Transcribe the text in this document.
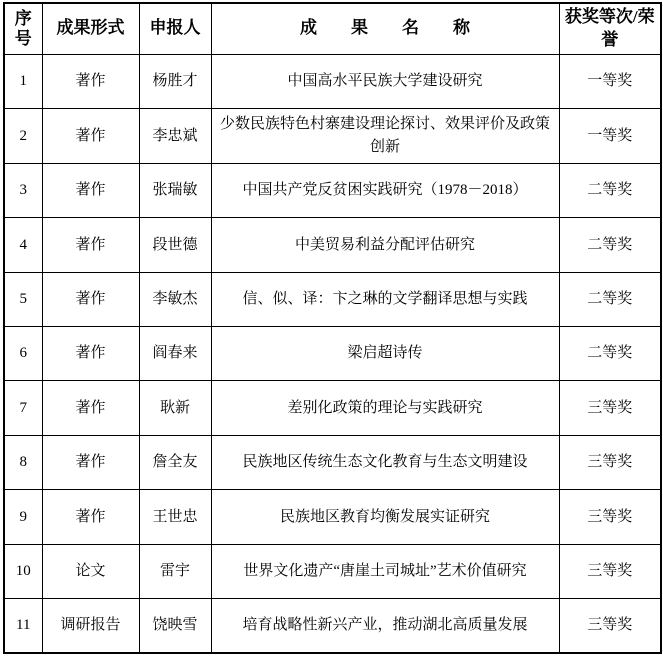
序号	成果形式	申报人	成　　果　　名　　称	获奖等次/荣誉
1	著作	杨胜才	中国高水平民族大学建设研究	一等奖
2	著作	李忠斌	少数民族特色村寨建设理论探讨、效果评价及政策创新	一等奖
3	著作	张瑞敏	中国共产党反贫困实践研究（1978－2018）	二等奖
4	著作	段世德	中美贸易利益分配评估研究	二等奖
5	著作	李敏杰	信、似、译：卞之琳的文学翻译思想与实践	二等奖
6	著作	阎春来	梁启超诗传	二等奖
7	著作	耿新	差别化政策的理论与实践研究	三等奖
8	著作	詹全友	民族地区传统生态文化教育与生态文明建设	三等奖
9	著作	王世忠	民族地区教育均衡发展实证研究	三等奖
10	论文	雷宇	世界文化遗产“唐崖土司城址”艺术价值研究	三等奖
11	调研报告	饶映雪	培育战略性新兴产业，推动湖北高质量发展	三等奖
